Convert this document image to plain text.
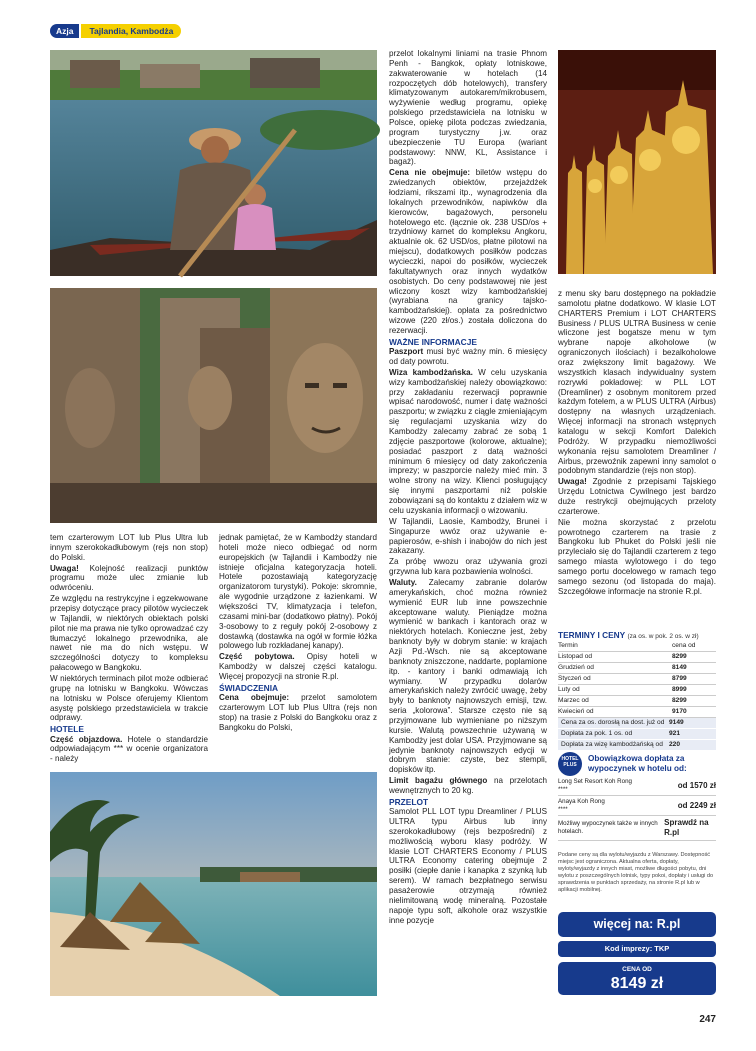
Azja	Tajlandia, Kambodża

przelot lokalnymi liniami na trasie Phnom Penh - Bangkok, opłaty lotniskowe, zakwaterowanie w hotelach (14 rozpoczętych dób hotelowych), transfery klimatyzowanym autokarem/mikrobusem, wyżywienie według programu, opiekę polskiego przedstawiciela na lotnisku w Polsce, opiekę pilota podczas zwiedzania, program turystyczny j.w. oraz ubezpieczenie TU Europa (wariant podstawowy: NNW, KL, Assistance i bagaż).

Cena nie obejmuje: biletów wstępu do zwiedzanych obiektów, przejażdżek łodziami, rikszami itp., wynagrodzenia dla lokalnych przewodników, napiwków dla kierowców, bagażowych, personelu hotelowego etc. (łącznie ok. 238 USD/os + trzydniowy karnet do kompleksu Angkoru, aktualnie ok. 62 USD/os, płatne pilotowi na miejscu), dodatkowych posiłków podczas wycieczki, napoi do posiłków, wycieczek fakultatywnych oraz innych wydatków osobistych. Do ceny podstawowej nie jest wliczony koszt wizy kambodżańskiej (wyrabiana na granicy tajsko-kambodżańskiej). opłata za pośrednictwo wizowe (220 zł/os.) została doliczona do rezerwacji.

WAŻNE INFORMACJE

Paszport musi być ważny min. 6 miesięcy od daty powrotu.

Wiza kambodżańska. W celu uzyskania wizy kambodżańskiej należy obowiązkowo: przy zakładaniu rezerwacji poprawnie wpisać narodowość, numer i datę ważności paszportu; w związku z ciągle zmieniającym się regulacjami uzyskania wizy do Kambodży zalecamy zabrać ze sobą 1 zdjęcie paszportowe (kolorowe, aktualne); posiadać paszport z datą ważności minimum 6 miesięcy od daty zakończenia imprezy; w paszporcie należy mieć min. 3 wolne strony na wizy. Klienci posługujący się innymi paszportami niż polskie zobowiązani są do kontaktu z działem wiz w celu uzyskania informacji o wizowaniu.

W Tajlandii, Laosie, Kambodży, Brunei i Singapurze wwóz oraz używanie e-papierosów, e-shish i inabojów do nich jest zakazany.

Za próbę wwozu oraz używania grozi grzywna lub kara pozbawienia wolności.

Waluty. Zalecamy zabranie dolarów amerykańskich, choć można również wymienić EUR lub inne powszechnie akceptowane waluty. Pieniądze można wymienić w bankach i kantorach oraz w niektórych hotelach. Konieczne jest, żeby banknoty były w dobrym stanie: w krajach Azji Pd.-Wsch. nie są akceptowane banknoty zniszczone, naddarte, poplamione itp. - kantory i banki odmawiają ich wymiany. W przypadku dolarów amerykańskich należy zwrócić uwagę, żeby były to banknoty najnowszych emisji, tzw. seria „kolorowa”. Starsze często nie są przyjmowane lub wymieniane po niższym kursie. Walutą powszechnie używaną w Kambodży jest dolar USA. Przyjmowane są jedynie banknoty najnowszych edycji w dobrym stanie: czyste, bez stempli, dopisków itp.

Limit bagażu głównego na przelotach wewnętrznych to 20 kg.

PRZELOT

Samolot PLL LOT typu Dreamliner / PLUS ULTRA typu Airbus lub inny szerokokadłubowy (rejs bezpośredni) z możliwością wyboru klasy podróży. W klasie LOT CHARTERS Economy / PLUS ULTRA Economy catering obejmuje 2 posiłki (ciepłe danie i kanapka z szynką lub serem). W ramach bezpłatnego serwisu pasażerowie otrzymają również nielimitowaną wodę mineralną. Pozostałe napoje typu soft, alkohole oraz wszystkie inne pozycje

z menu sky baru dostępnego na pokładzie samolotu płatne dodatkowo. W klasie LOT CHARTERS Premium i LOT CHARTERS Business / PLUS ULTRA Business w cenie wliczone jest bogatsze menu w tym wybrane napoje alkoholowe (w ograniczonych ilościach) i bezalkoholowe oraz zwiększony limit bagażowy. We wszystkich klasach indywidualny system rozrywki pokładowej: w PLL LOT (Dreamliner) z osobnym monitorem przed każdym fotelem, a w PLUS ULTRA (Airbus) dostępny na własnych urządzeniach. Więcej informacji na stronach wstępnych katalogu w sekcji Komfort Dalekich Podróży. W przypadku niemożliwości wykonania rejsu samolotem Dreamliner / Airbus, przewoźnik zapewni inny samolot o podobnym standardzie (rejs non stop).

Uwaga! Zgodnie z przepisami Tajskiego Urzędu Lotnictwa Cywilnego jest bardzo duże restrykcji obejmujących przeloty czarterowe.

Nie można skorzystać z przelotu powrotnego czarterem na trasie z Bangkoku lub Phuket do Polski jeśli nie przyleciało się do Tajlandii czarterem z tego samego miasta wylotowego i do tego samego portu docelowego w ramach tego samego sezonu (od listopada do maja). Szczegółowe informacje na stronie R.pl.

tem czarterowym LOT lub Plus Ultra lub innym szerokokadłubowym (rejs non stop) do Polski.

Uwaga! Kolejność realizacji punktów programu może ulec zmianie lub odwróceniu.

Ze względu na restrykcyjne i egzekwowane przepisy dotyczące pracy pilotów wycieczek w Tajlandii, w niektórych obiektach polski pilot nie ma prawa nie tylko oprowadzać czy tłumaczyć lokalnego przewodnika, ale nawet nie ma do nich wstępu. W szczególności dotyczy to kompleksu pałacowego w Bangkoku.

W niektórych terminach pilot może odbierać grupę na lotnisku w Bangkoku. Wówczas na lotnisku w Polsce oferujemy Klientom asystę polskiego przedstawiciela w trakcie odprawy.

HOTELE

Część objazdowa. Hotele o standardzie odpowiadającym *** w ocenie organizatora - należy

jednak pamiętać, że w Kambodży standard hoteli może nieco odbiegać od norm europejskich (w Tajlandii i Kambodży nie istnieje oficjalna kategoryzacja hoteli. Hotele pozostawiają kategoryzację organizatorom turystyki). Pokoje: skromnie, ale wygodnie urządzone z łazienkami. W większości TV, klimatyzacja i telefon, czasami mini-bar (dodatkowo płatny). Pokój 3-osobowy to z reguły pokój 2-osobowy z dostawką (dostawka na ogół w formie łóżka polowego lub rozkładanej kanapy).

Część pobytowa. Opisy hoteli w Kambodży w dalszej części katalogu. Więcej propozycji na stronie R.pl.

ŚWIADCZENIA

Cena obejmuje: przelot samolotem czarterowym LOT lub Plus Ultra (rejs non stop) na trasie z Polski do Bangkoku oraz z Bangkoku do Polski,

TERMINY I CENY (za os. w pok. 2 os. w zł)
Termin	cena od
Listopad od	8299
Grudzień od	8149
Styczeń od	8799
Luty od	8999
Marzec od	8299
Kwiecień od	9170
Cena za os. dorosłą na dost. już od 9149
Dopłata za pok. 1 os. od	921
Dopłata za wizę kambodżańską od 220
HOTEL PLUS
Obowiązkowa dopłata za wypoczynek w hotelu od:
Long Set Resort Koh Rong
****	od 1570 zł
Anaya Koh Rong
****	od 2249 zł
Możliwy wypoczynek także w innych hotelach.
Sprawdź na R.pl
Podane ceny są dla wylotu/wyjazdu z Warszawy. Dostępność miejsc jest ograniczona. Aktualna oferta, dopłaty, wyloty/wyjazdy z innych miast, możliwe długości pobytu, dni wylotu z poszczególnych lotnisk, typy pokoi, dopłaty i usługi do sprawdzenia w punktach sprzedaży, na stronie R.pl lub w aplikacji mobilnej.
więcej na: R.pl
Kod imprezy: TKP
CENA OD
8149 zł
247
